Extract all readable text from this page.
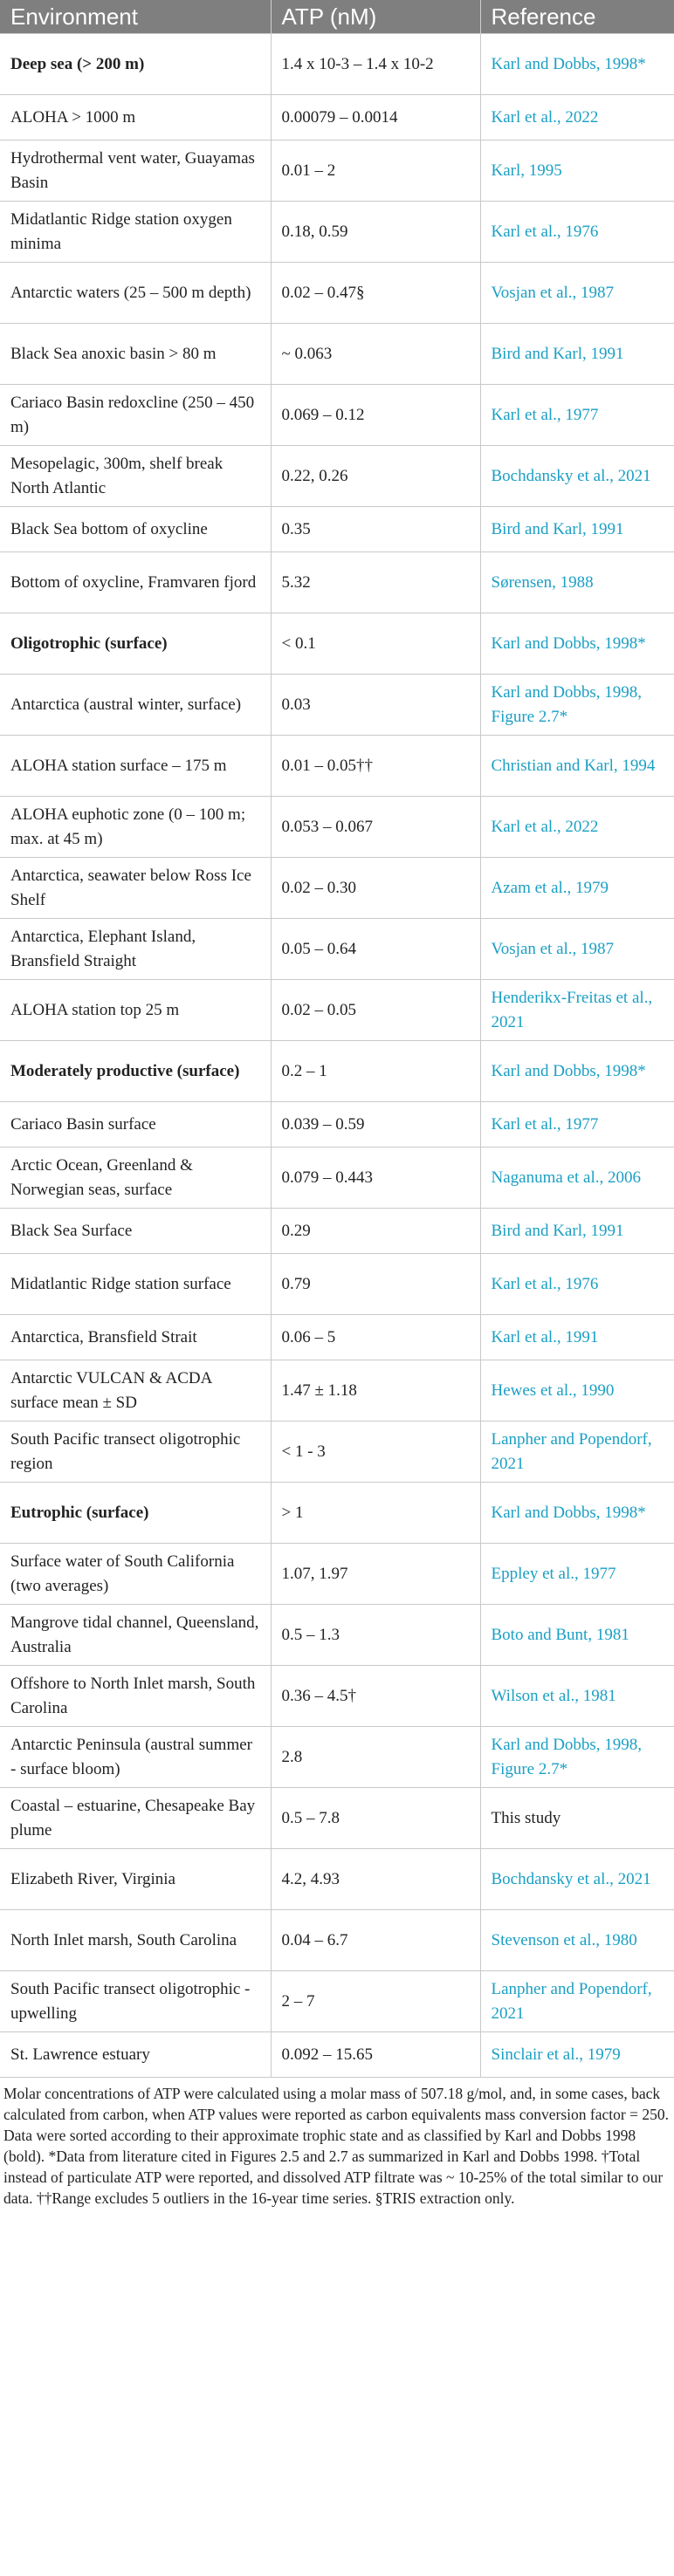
Environment	ATP (nM)	Reference
Deep sea (> 200 m)	1.4 x 10-3 – 1.4 x 10-2	Karl and Dobbs, 1998*
ALOHA > 1000 m	0.00079 – 0.0014	Karl et al., 2022
Hydrothermal vent water, Guayamas Basin	0.01 – 2	Karl, 1995
Midatlantic Ridge station oxygen minima	0.18, 0.59	Karl et al., 1976
Antarctic waters (25 – 500 m depth)	0.02 – 0.47§	Vosjan et al., 1987
Black Sea anoxic basin > 80 m	~ 0.063	Bird and Karl, 1991
Cariaco Basin redoxcline (250 – 450 m)	0.069 – 0.12	Karl et al., 1977
Mesopelagic, 300m, shelf break North Atlantic	0.22, 0.26	Bochdansky et al., 2021
Black Sea bottom of oxycline	0.35	Bird and Karl, 1991
Bottom of oxycline, Framvaren fjord	5.32	Sørensen, 1988
Oligotrophic (surface)	< 0.1	Karl and Dobbs, 1998*
Antarctica (austral winter, surface)	0.03	Karl and Dobbs, 1998, Figure 2.7*
ALOHA station surface – 175 m	0.01 – 0.05††	Christian and Karl, 1994
ALOHA euphotic zone (0 – 100 m; max. at 45 m)	0.053 – 0.067	Karl et al., 2022
Antarctica, seawater below Ross Ice Shelf	0.02 – 0.30	Azam et al., 1979
Antarctica, Elephant Island, Bransfield Straight	0.05 – 0.64	Vosjan et al., 1987
ALOHA station top 25 m	0.02 – 0.05	Henderikx-Freitas et al., 2021
Moderately productive (surface)	0.2 – 1	Karl and Dobbs, 1998*
Cariaco Basin surface	0.039 – 0.59	Karl et al., 1977
Arctic Ocean, Greenland & Norwegian seas, surface	0.079 – 0.443	Naganuma et al., 2006
Black Sea Surface	0.29	Bird and Karl, 1991
Midatlantic Ridge station surface	0.79	Karl et al., 1976
Antarctica, Bransfield Strait	0.06 – 5	Karl et al., 1991
Antarctic VULCAN & ACDA surface mean ± SD	1.47 ± 1.18	Hewes et al., 1990
South Pacific transect oligotrophic region	< 1 - 3	Lanpher and Popendorf, 2021
Eutrophic (surface)	> 1	Karl and Dobbs, 1998*
Surface water of South California (two averages)	1.07, 1.97	Eppley et al., 1977
Mangrove tidal channel, Queensland, Australia	0.5 – 1.3	Boto and Bunt, 1981
Offshore to North Inlet marsh, South Carolina	0.36 – 4.5†	Wilson et al., 1981
Antarctic Peninsula (austral summer - surface bloom)	2.8	Karl and Dobbs, 1998, Figure 2.7*
Coastal – estuarine, Chesapeake Bay plume	0.5 – 7.8	This study
Elizabeth River, Virginia	4.2, 4.93	Bochdansky et al., 2021
North Inlet marsh, South Carolina	0.04 – 6.7	Stevenson et al., 1980
South Pacific transect oligotrophic - upwelling	2 – 7	Lanpher and Popendorf, 2021
St. Lawrence estuary	0.092 – 15.65	Sinclair et al., 1979
Molar concentrations of ATP were calculated using a molar mass of 507.18 g/mol, and, in some cases, back calculated from carbon, when ATP values were reported as carbon equivalents mass conversion factor = 250. Data were sorted according to their approximate trophic state and as classified by Karl and Dobbs 1998 (bold). *Data from literature cited in Figures 2.5 and 2.7 as summarized in Karl and Dobbs 1998. †Total instead of particulate ATP were reported, and dissolved ATP filtrate was ~ 10-25% of the total similar to our data. ††Range excludes 5 outliers in the 16-year time series. §TRIS extraction only.
